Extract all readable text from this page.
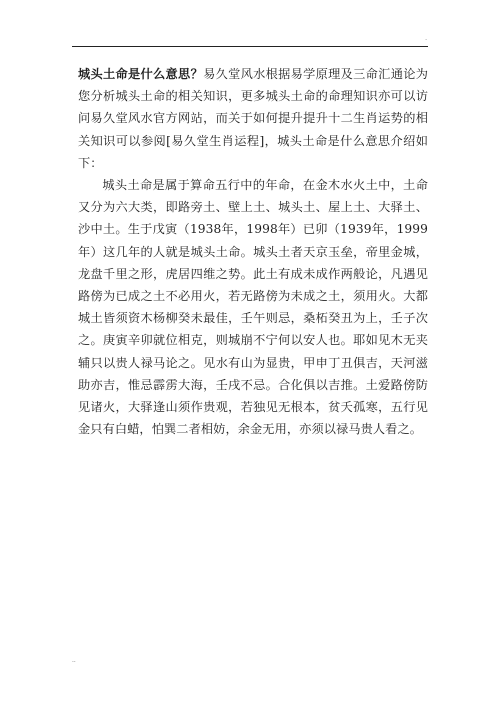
·

城头土命是什么意思？易久堂风水根据易学原理及三命汇通论为您分析城头土命的相关知识，更多城头土命的命理知识亦可以访问易久堂风水官方网站，而关于如何提升提升十二生肖运势的相关知识可以参阅[易久堂生肖运程]，城头土命是什么意思介绍如下：

城头土命是属于算命五行中的年命，在金木水火土中，土命又分为六大类，即路旁土、壁上土、城头土、屋上土、大驿土、沙中土。生于戊寅（1938年，1998年）已卯（1939年，1999年）这几年的人就是城头土命。城头土者天京玉垒，帝里金城，龙盘千里之形，虎居四维之势。此土有成未成作两般论，凡遇见路傍为已成之土不必用火，若无路傍为未成之土，须用火。大都城土皆须资木杨柳癸未最佳，壬午则忌，桑柘癸丑为上，壬子次之。庚寅辛卯就位相克，则城崩不宁何以安人也。耶如见木无夹辅只以贵人禄马论之。见水有山为显贵，甲申丁丑俱吉，天河滋助亦吉，惟忌霹雳大海，壬戌不忌。合化俱以吉推。土爱路傍防见诸火，大驿逢山须作贵观，若独见无根本，贫夭孤寒，五行见金只有白蜡，怕巽二者相妨，余金无用，亦须以禄马贵人看之。

··
